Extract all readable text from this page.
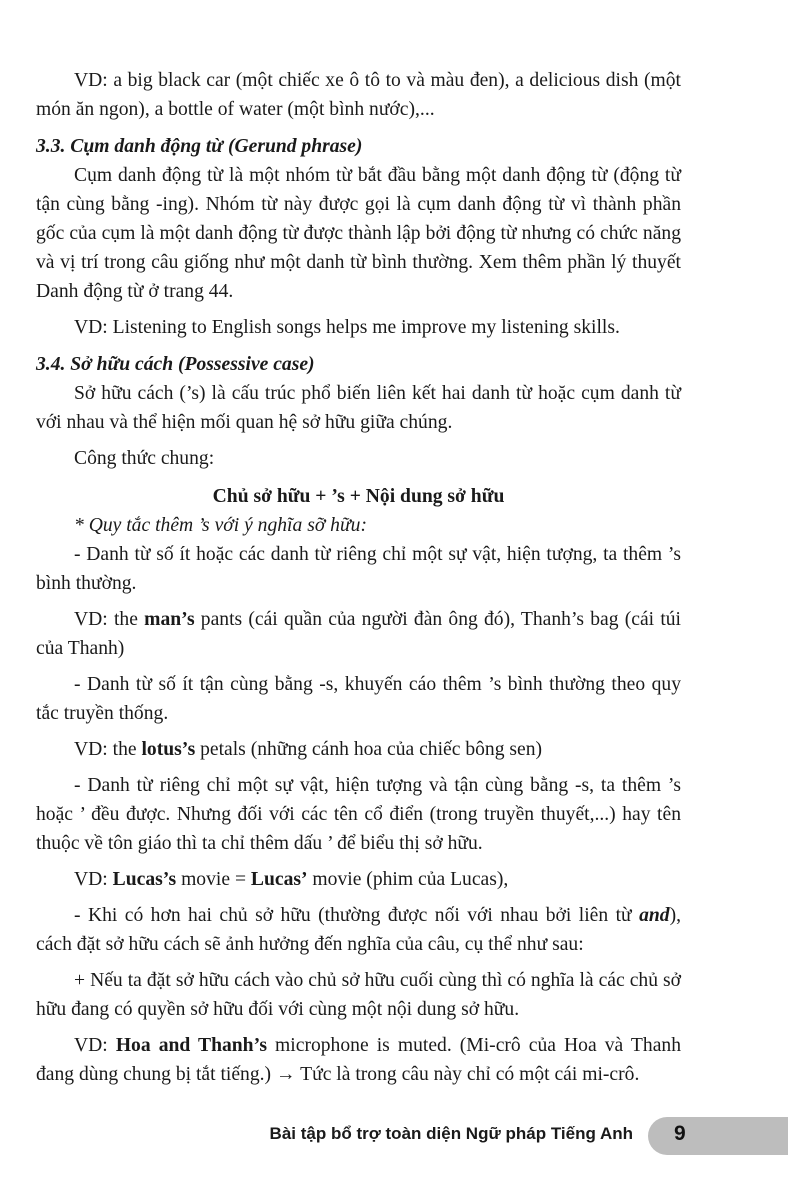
VD: a big black car (một chiếc xe ô tô to và màu đen), a delicious dish (một món ăn ngon), a bottle of water (một bình nước),...

3.3. Cụm danh động từ (Gerund phrase)

Cụm danh động từ là một nhóm từ bắt đầu bằng một danh động từ (động từ tận cùng bằng -ing). Nhóm từ này được gọi là cụm danh động từ vì thành phần gốc của cụm là một danh động từ được thành lập bởi động từ nhưng có chức năng và vị trí trong câu giống như một danh từ bình thường. Xem thêm phần lý thuyết Danh động từ ở trang 44.

VD: Listening to English songs helps me improve my listening skills.

3.4. Sở hữu cách (Possessive case)

Sở hữu cách (’s) là cấu trúc phổ biến liên kết hai danh từ hoặc cụm danh từ với nhau và thể hiện mối quan hệ sở hữu giữa chúng.

Công thức chung:

Chủ sở hữu + ’s + Nội dung sở hữu

* Quy tắc thêm ’s với ý nghĩa sỡ hữu:

- Danh từ số ít hoặc các danh từ riêng chỉ một sự vật, hiện tượng, ta thêm ’s bình thường.

VD: the man’s pants (cái quần của người đàn ông đó), Thanh’s bag (cái túi của Thanh)

- Danh từ số ít tận cùng bằng -s, khuyến cáo thêm ’s bình thường theo quy tắc truyền thống.

VD: the lotus’s petals (những cánh hoa của chiếc bông sen)

- Danh từ riêng chỉ một sự vật, hiện tượng và tận cùng bằng -s, ta thêm ’s hoặc ’ đều được. Nhưng đối với các tên cổ điển (trong truyền thuyết,...) hay tên thuộc về tôn giáo thì ta chỉ thêm dấu ’ để biểu thị sở hữu.

VD: Lucas’s movie = Lucas’ movie (phim của Lucas),

- Khi có hơn hai chủ sở hữu (thường được nối với nhau bởi liên từ and), cách đặt sở hữu cách sẽ ảnh hưởng đến nghĩa của câu, cụ thể như sau:

+ Nếu ta đặt sở hữu cách vào chủ sở hữu cuối cùng thì có nghĩa là các chủ sở hữu đang có quyền sở hữu đối với cùng một nội dung sở hữu.

VD: Hoa and Thanh’s microphone is muted. (Mi-crô của Hoa và Thanh đang dùng chung bị tắt tiếng.) → Tức là trong câu này chỉ có một cái mi-crô.

Bài tập bổ trợ toàn diện Ngữ pháp Tiếng Anh 9
